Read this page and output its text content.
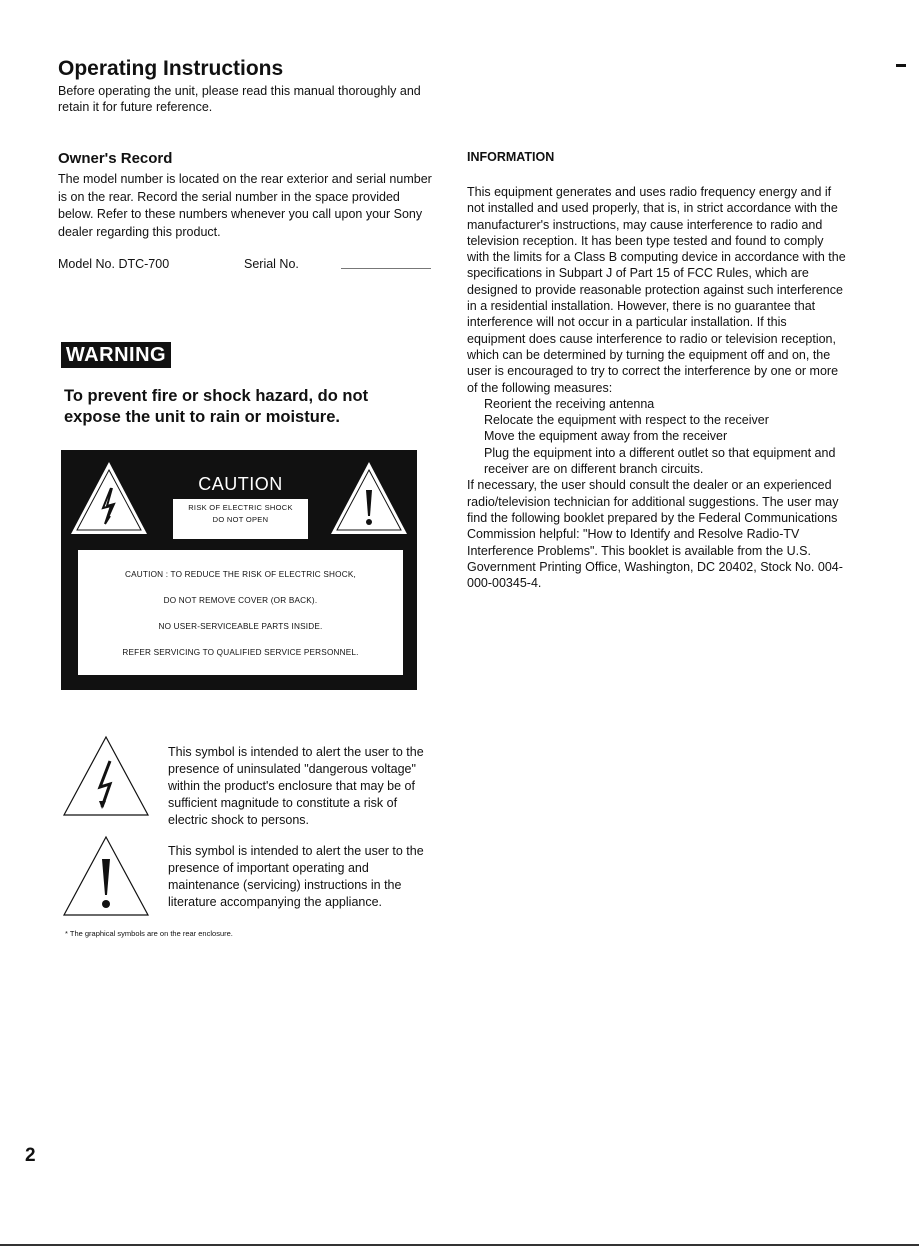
Operating Instructions
Before operating the unit, please read this manual thoroughly and retain it for future reference.
Owner's Record
The model number is located on the rear exterior and serial number is on the rear. Record the serial number in the space provided below. Refer to these numbers whenever you call upon your Sony dealer regarding this product.
Model No. DTC-700	Serial No.
WARNING
To prevent fire or shock hazard, do not expose the unit to rain or moisture.
CAUTION
RISK OF ELECTRIC SHOCK
DO NOT OPEN
CAUTION : TO REDUCE THE RISK OF ELECTRIC SHOCK,
DO NOT REMOVE COVER (OR BACK).
NO USER-SERVICEABLE PARTS INSIDE.
REFER SERVICING TO QUALIFIED SERVICE PERSONNEL.
This symbol is intended to alert the user to the presence of uninsulated "dangerous voltage" within the product's enclosure that may be of sufficient magnitude to constitute a risk of electric shock to persons.
This symbol is intended to alert the user to the presence of important operating and maintenance (servicing) instructions in the literature accompanying the appliance.
* The graphical symbols are on the rear enclosure.
2
INFORMATION
This equipment generates and uses radio frequency energy and if not installed and used properly, that is, in strict accordance with the manufacturer's instructions, may cause interference to radio and television reception. It has been type tested and found to comply with the limits for a Class B computing device in accordance with the specifications in Subpart J of Part 15 of FCC Rules, which are designed to provide reasonable protection against such interference in a residential installation. However, there is no guarantee that interference will not occur in a particular installation. If this equipment does cause interference to radio or television reception, which can be determined by turning the equipment off and on, the user is encouraged to try to correct the interference by one or more of the following measures:
Reorient the receiving antenna
Relocate the equipment with respect to the receiver
Move the equipment away from the receiver
Plug the equipment into a different outlet so that equipment and receiver are on different branch circuits.
If necessary, the user should consult the dealer or an experienced radio/television technician for additional suggestions. The user may find the following booklet prepared by the Federal Communications Commission helpful: "How to Identify and Resolve Radio-TV Interference Problems". This booklet is available from the U.S. Government Printing Office, Washington, DC 20402, Stock No. 004-000-00345-4.
